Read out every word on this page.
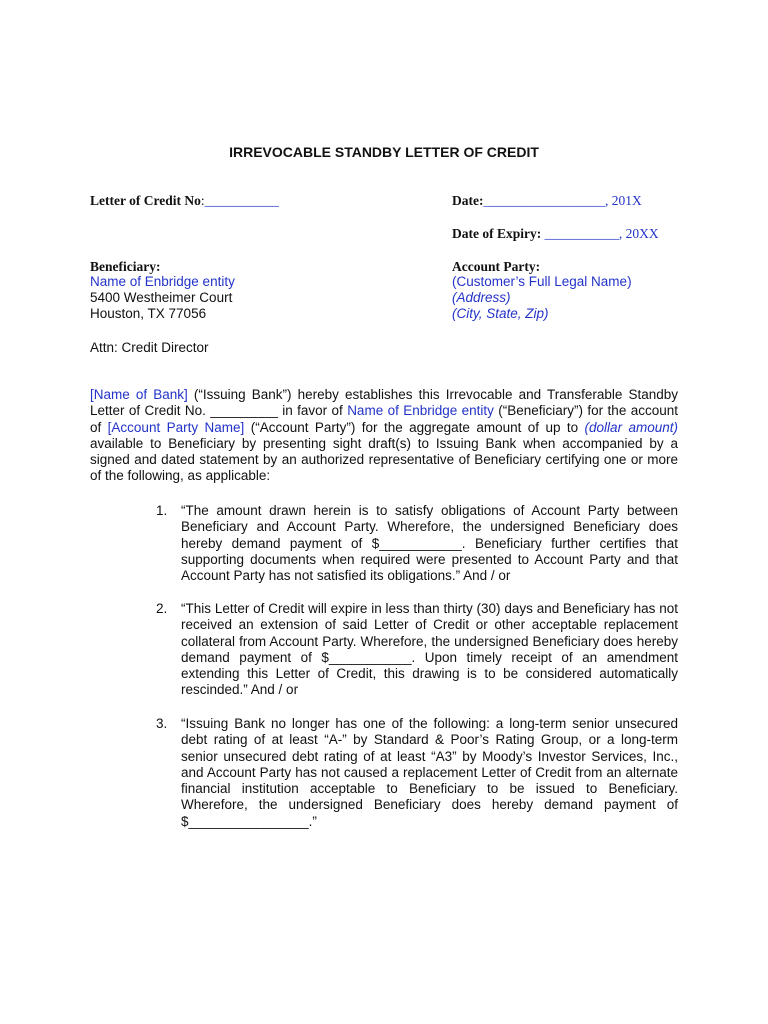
IRREVOCABLE STANDBY LETTER OF CREDIT
Letter of Credit No:___________	Date:__________________, 201X
Date of Expiry: ___________, 20XX
Beneficiary:
Name of Enbridge entity
5400 Westheimer Court
Houston, TX 77056
Account Party:
(Customer’s Full Legal Name)
(Address)
(City, State, Zip)
Attn: Credit Director
[Name of Bank] (“Issuing Bank”) hereby establishes this Irrevocable and Transferable Standby Letter of Credit No. _________ in favor of Name of Enbridge entity (“Beneficiary”) for the account of [Account Party Name] (“Account Party”) for the aggregate amount of up to (dollar amount) available to Beneficiary by presenting sight draft(s) to Issuing Bank when accompanied by a signed and dated statement by an authorized representative of Beneficiary certifying one or more of the following, as applicable:
1. “The amount drawn herein is to satisfy obligations of Account Party between Beneficiary and Account Party. Wherefore, the undersigned Beneficiary does hereby demand payment of $___________. Beneficiary further certifies that supporting documents when required were presented to Account Party and that Account Party has not satisfied its obligations.” And / or
2. “This Letter of Credit will expire in less than thirty (30) days and Beneficiary has not received an extension of said Letter of Credit or other acceptable replacement collateral from Account Party. Wherefore, the undersigned Beneficiary does hereby demand payment of $___________. Upon timely receipt of an amendment extending this Letter of Credit, this drawing is to be considered automatically rescinded.” And / or
3. “Issuing Bank no longer has one of the following: a long-term senior unsecured debt rating of at least “A-” by Standard & Poor’s Rating Group, or a long-term senior unsecured debt rating of at least “A3” by Moody’s Investor Services, Inc., and Account Party has not caused a replacement Letter of Credit from an alternate financial institution acceptable to Beneficiary to be issued to Beneficiary. Wherefore, the undersigned Beneficiary does hereby demand payment of $________________.”
